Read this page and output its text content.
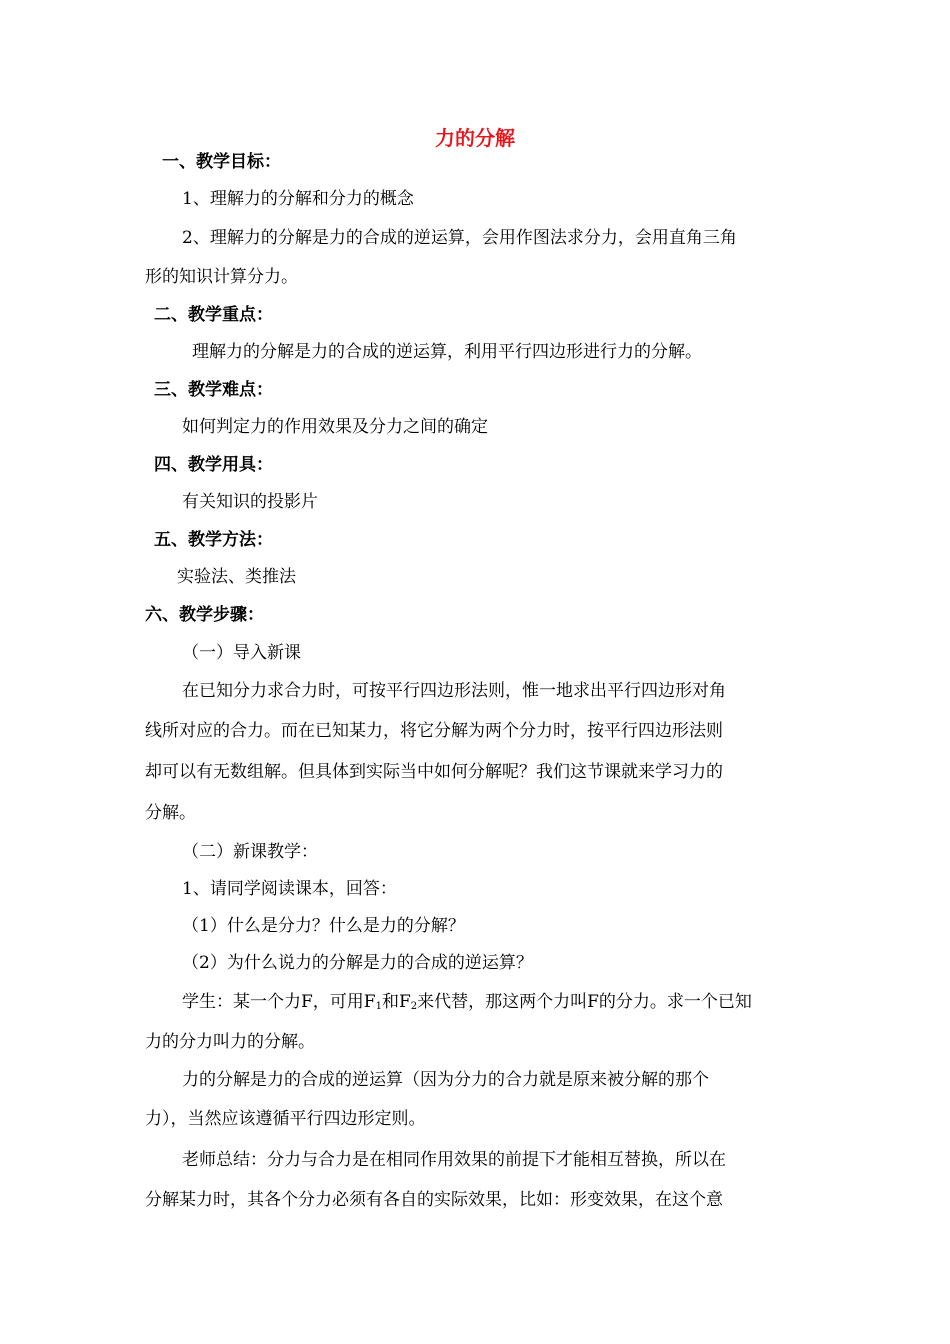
力的分解
一、教学目标：
1、理解力的分解和分力的概念
2、理解力的分解是力的合成的逆运算，会用作图法求分力，会用直角三角
形的知识计算分力。
二、教学重点：
理解力的分解是力的合成的逆运算，利用平行四边形进行力的分解。
三、教学难点：
如何判定力的作用效果及分力之间的确定
四、教学用具：
有关知识的投影片
五、教学方法：
实验法、类推法
六、教学步骤：
（一）导入新课
在已知分力求合力时，可按平行四边形法则，惟一地求出平行四边形对角
线所对应的合力。而在已知某力，将它分解为两个分力时，按平行四边形法则
却可以有无数组解。但具体到实际当中如何分解呢？我们这节课就来学习力的
分解。
（二）新课教学：
1、请同学阅读课本，回答：
（1）什么是分力？什么是力的分解？
（2）为什么说力的分解是力的合成的逆运算？
学生：某一个力F，可用$F_1$和$F_2$来代替，那这两个力叫F的分力。求一个已知
力的分力叫力的分解。
力的分解是力的合成的逆运算（因为分力的合力就是原来被分解的那个
力），当然应该遵循平行四边形定则。
老师总结：分力与合力是在相同作用效果的前提下才能相互替换，所以在
分解某力时，其各个分力必须有各自的实际效果，比如：形变效果，在这个意
